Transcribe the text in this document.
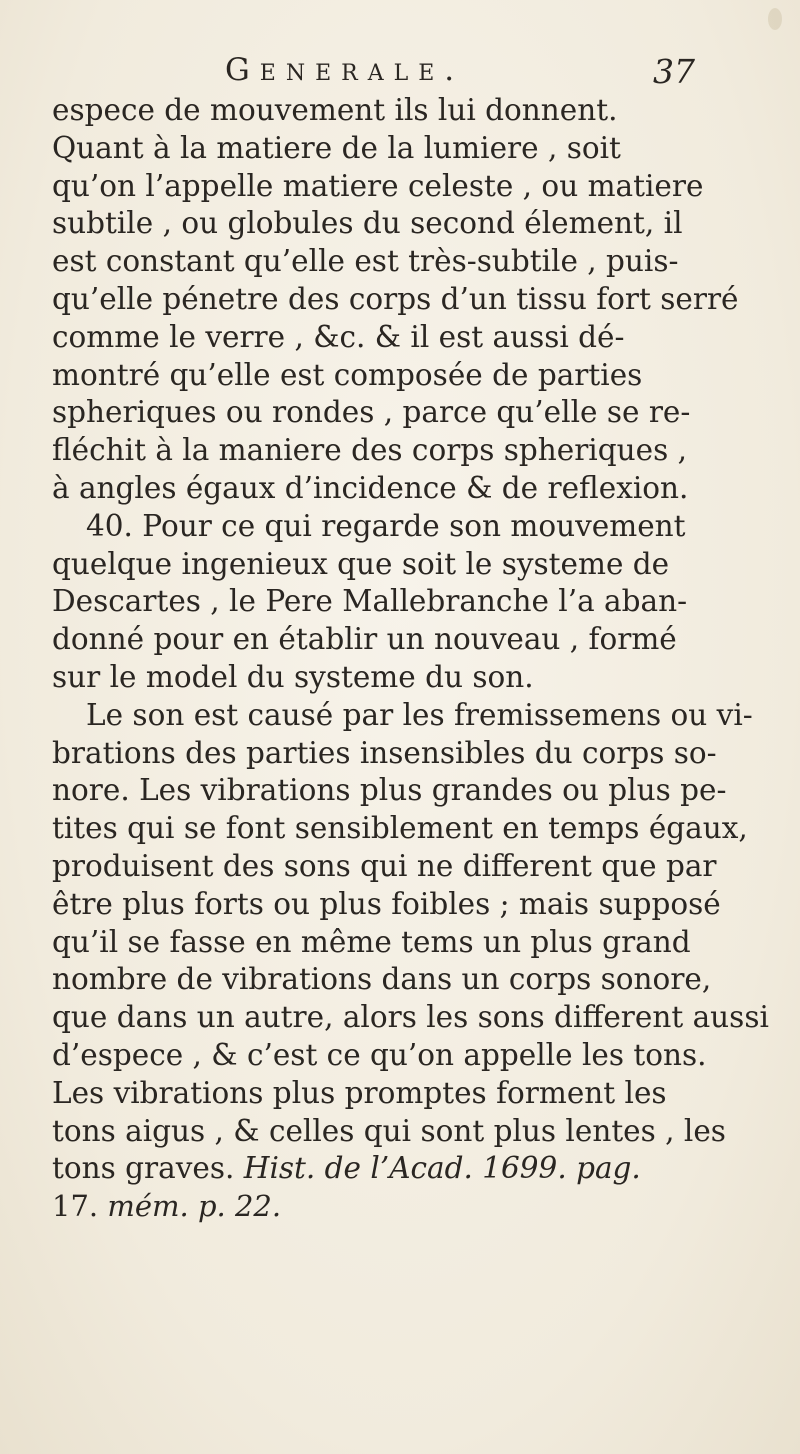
Generale.	37
espece de mouvement ils lui donnent.
Quant à la matiere de la lumiere , soit
qu’on l’appelle matiere celeste , ou matiere
subtile , ou globules du second élement, il
est constant qu’elle est très-subtile , puis-
qu’elle pénetre des corps d’un tissu fort serré
comme le verre , &c. & il est aussi dé-
montré qu’elle est composée de parties
spheriques ou rondes , parce qu’elle se re-
fléchit à la maniere des corps spheriques ,
à angles égaux d’incidence & de reflexion.
40. Pour ce qui regarde son mouvement
quelque ingenieux que soit le systeme de
Descartes , le Pere Mallebranche l’a aban-
donné pour en établir un nouveau , formé
sur le model du systeme du son.
Le son est causé par les fremissemens ou vi-
brations des parties insensibles du corps so-
nore. Les vibrations plus grandes ou plus pe-
tites qui se font sensiblement en temps égaux,
produisent des sons qui ne different que par
être plus forts ou plus foibles ; mais supposé
qu’il se fasse en même tems un plus grand
nombre de vibrations dans un corps sonore,
que dans un autre, alors les sons different aussi
d’espece , & c’est ce qu’on appelle les tons.
Les vibrations plus promptes forment les
tons aigus , & celles qui sont plus lentes , les
tons graves. Hist. de l’Acad. 1699. pag.
17. mém. p. 22.
